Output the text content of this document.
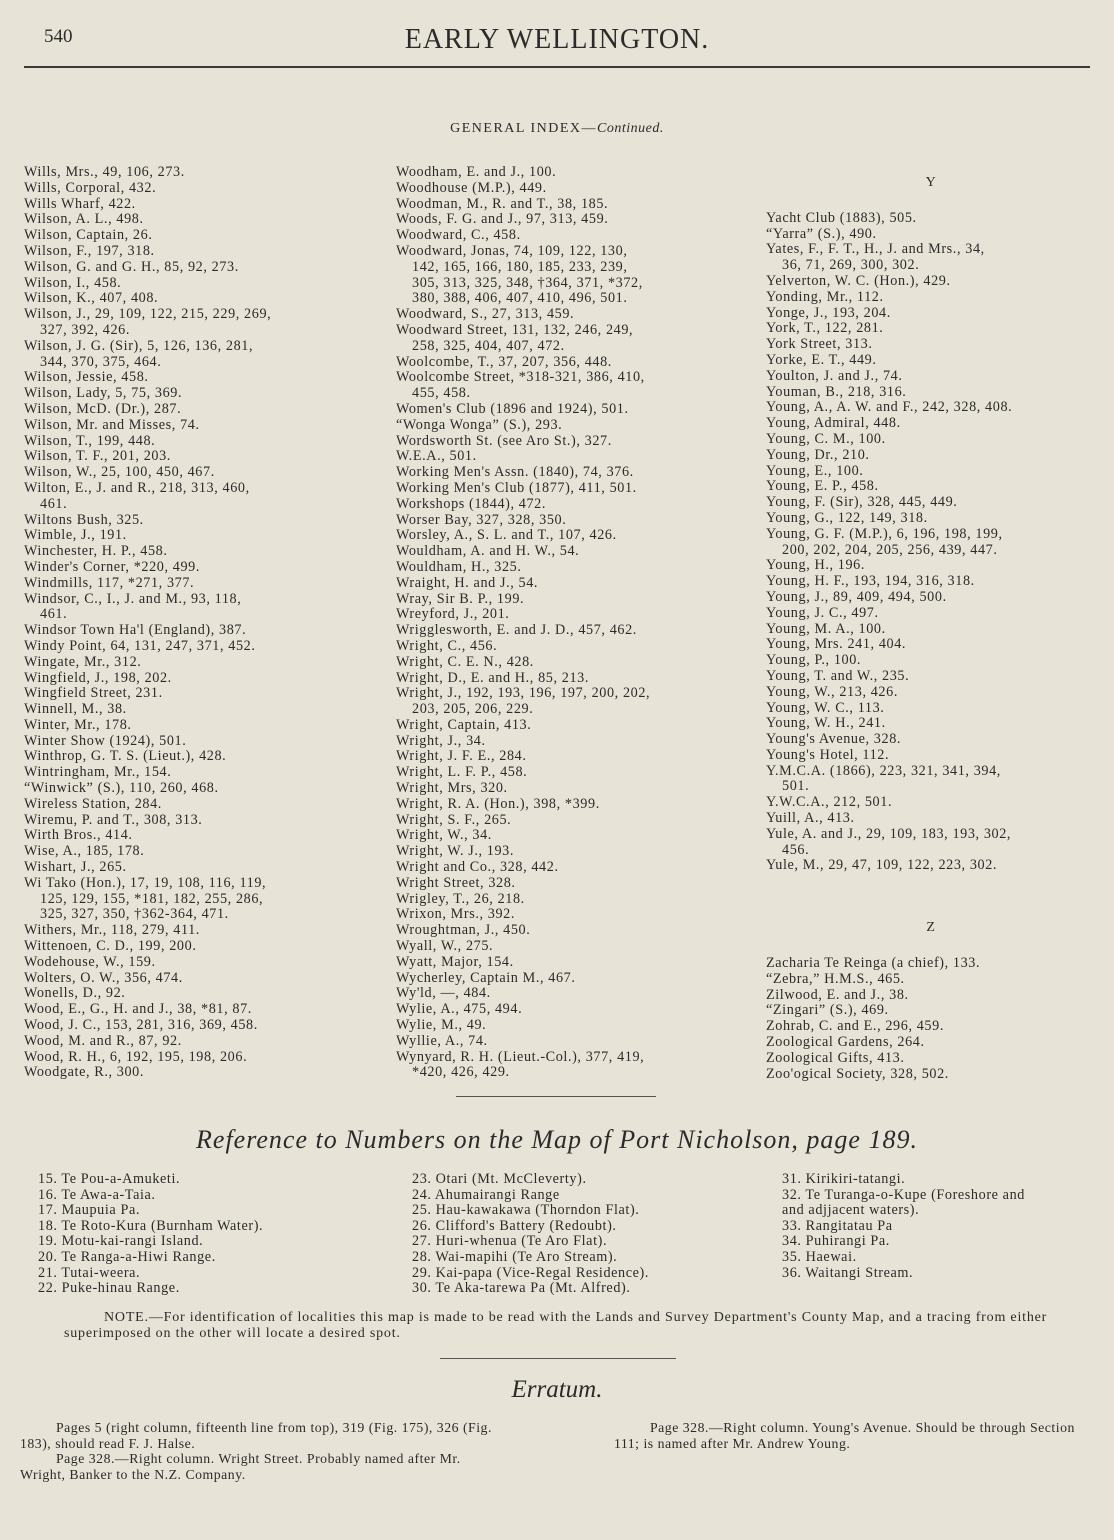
540	EARLY WELLINGTON.
GENERAL INDEX—Continued.
Wills, Mrs., 49, 106, 273.
Wills, Corporal, 432.
Wills Wharf, 422.
Wilson, A. L., 498.
Wilson, Captain, 26.
Wilson, F., 197, 318.
Wilson, G. and G. H., 85, 92, 273.
Wilson, I., 458.
Wilson, K., 407, 408.
Wilson, J., 29, 109, 122, 215, 229, 269,
327, 392, 426.
Wilson, J. G. (Sir), 5, 126, 136, 281,
344, 370, 375, 464.
Wilson, Jessie, 458.
Wilson, Lady, 5, 75, 369.
Wilson, McD. (Dr.), 287.
Wilson, Mr. and Misses, 74.
Wilson, T., 199, 448.
Wilson, T. F., 201, 203.
Wilson, W., 25, 100, 450, 467.
Wilton, E., J. and R., 218, 313, 460,
461.
Wiltons Bush, 325.
Wimble, J., 191.
Winchester, H. P., 458.
Winder's Corner, *220, 499.
Windmills, 117, *271, 377.
Windsor, C., I., J. and M., 93, 118,
461.
Windsor Town Ha'l (England), 387.
Windy Point, 64, 131, 247, 371, 452.
Wingate, Mr., 312.
Wingfield, J., 198, 202.
Wingfield Street, 231.
Winnell, M., 38.
Winter, Mr., 178.
Winter Show (1924), 501.
Winthrop, G. T. S. (Lieut.), 428.
Wintringham, Mr., 154.
“Winwick” (S.), 110, 260, 468.
Wireless Station, 284.
Wiremu, P. and T., 308, 313.
Wirth Bros., 414.
Wise, A., 185, 178.
Wishart, J., 265.
Wi Tako (Hon.), 17, 19, 108, 116, 119,
125, 129, 155, *181, 182, 255, 286,
325, 327, 350, †362-364, 471.
Withers, Mr., 118, 279, 411.
Wittenoen, C. D., 199, 200.
Wodehouse, W., 159.
Wolters, O. W., 356, 474.
Wonells, D., 92.
Wood, E., G., H. and J., 38, *81, 87.
Wood, J. C., 153, 281, 316, 369, 458.
Wood, M. and R., 87, 92.
Wood, R. H., 6, 192, 195, 198, 206.
Woodgate, R., 300.
Woodham, E. and J., 100.
Woodhouse (M.P.), 449.
Woodman, M., R. and T., 38, 185.
Woods, F. G. and J., 97, 313, 459.
Woodward, C., 458.
Woodward, Jonas, 74, 109, 122, 130,
142, 165, 166, 180, 185, 233, 239,
305, 313, 325, 348, †364, 371, *372,
380, 388, 406, 407, 410, 496, 501.
Woodward, S., 27, 313, 459.
Woodward Street, 131, 132, 246, 249,
258, 325, 404, 407, 472.
Woolcombe, T., 37, 207, 356, 448.
Woolcombe Street, *318-321, 386, 410,
455, 458.
Women's Club (1896 and 1924), 501.
“Wonga Wonga” (S.), 293.
Wordsworth St. (see Aro St.), 327.
W.E.A., 501.
Working Men's Assn. (1840), 74, 376.
Working Men's Club (1877), 411, 501.
Workshops (1844), 472.
Worser Bay, 327, 328, 350.
Worsley, A., S. L. and T., 107, 426.
Wouldham, A. and H. W., 54.
Wouldham, H., 325.
Wraight, H. and J., 54.
Wray, Sir B. P., 199.
Wreyford, J., 201.
Wrigglesworth, E. and J. D., 457, 462.
Wright, C., 456.
Wright, C. E. N., 428.
Wright, D., E. and H., 85, 213.
Wright, J., 192, 193, 196, 197, 200, 202,
203, 205, 206, 229.
Wright, Captain, 413.
Wright, J., 34.
Wright, J. F. E., 284.
Wright, L. F. P., 458.
Wright, Mrs, 320.
Wright, R. A. (Hon.), 398, *399.
Wright, S. F., 265.
Wright, W., 34.
Wright, W. J., 193.
Wright and Co., 328, 442.
Wright Street, 328.
Wrigley, T., 26, 218.
Wrixon, Mrs., 392.
Wroughtman, J., 450.
Wyall, W., 275.
Wyatt, Major, 154.
Wycherley, Captain M., 467.
Wy'ld, —, 484.
Wylie, A., 475, 494.
Wylie, M., 49.
Wyllie, A., 74.
Wynyard, R. H. (Lieut.-Col.), 377, 419,
*420, 426, 429.
Y
Yacht Club (1883), 505.
“Yarra” (S.), 490.
Yates, F., F. T., H., J. and Mrs., 34,
36, 71, 269, 300, 302.
Yelverton, W. C. (Hon.), 429.
Yonding, Mr., 112.
Yonge, J., 193, 204.
York, T., 122, 281.
York Street, 313.
Yorke, E. T., 449.
Youlton, J. and J., 74.
Youman, B., 218, 316.
Young, A., A. W. and F., 242, 328, 408.
Young, Admiral, 448.
Young, C. M., 100.
Young, Dr., 210.
Young, E., 100.
Young, E. P., 458.
Young, F. (Sir), 328, 445, 449.
Young, G., 122, 149, 318.
Young, G. F. (M.P.), 6, 196, 198, 199,
200, 202, 204, 205, 256, 439, 447.
Young, H., 196.
Young, H. F., 193, 194, 316, 318.
Young, J., 89, 409, 494, 500.
Young, J. C., 497.
Young, M. A., 100.
Young, Mrs. 241, 404.
Young, P., 100.
Young, T. and W., 235.
Young, W., 213, 426.
Young, W. C., 113.
Young, W. H., 241.
Young's Avenue, 328.
Young's Hotel, 112.
Y.M.C.A. (1866), 223, 321, 341, 394,
501.
Y.W.C.A., 212, 501.
Yuill, A., 413.
Yule, A. and J., 29, 109, 183, 193, 302,
456.
Yule, M., 29, 47, 109, 122, 223, 302.
Z
Zacharia Te Reinga (a chief), 133.
“Zebra,” H.M.S., 465.
Zilwood, E. and J., 38.
“Zingari” (S.), 469.
Zohrab, C. and E., 296, 459.
Zoological Gardens, 264.
Zoological Gifts, 413.
Zoo'ogical Society, 328, 502.
Reference to Numbers on the Map of Port Nicholson, page 189.
15. Te Pou-a-Amuketi.
16. Te Awa-a-Taia.
17. Maupuia Pa.
18. Te Roto-Kura (Burnham Water).
19. Motu-kai-rangi Island.
20. Te Ranga-a-Hiwi Range.
21. Tutai-weera.
22. Puke-hinau Range.
23. Otari (Mt. McCleverty).
24. Ahumairangi Range
25. Hau-kawakawa (Thorndon Flat).
26. Clifford's Battery (Redoubt).
27. Huri-whenua (Te Aro Flat).
28. Wai-mapihi (Te Aro Stream).
29. Kai-papa (Vice-Regal Residence).
30. Te Aka-tarewa Pa (Mt. Alfred).
31. Kirikiri-tatangi.
32. Te Turanga-o-Kupe (Foreshore and
and adjjacent waters).
33. Rangitatau Pa
34. Puhirangi Pa.
35. Haewai.
36. Waitangi Stream.
NOTE.—For identification of localities this map is made to be read with the Lands and Survey Department's County Map, and a tracing from either superimposed on the other will locate a desired spot.
Erratum.
Pages 5 (right column, fifteenth line from top), 319 (Fig. 175), 326 (Fig. 183), should read F. J. Halse.
Page 328.—Right column. Wright Street. Probably named after Mr. Wright, Banker to the N.Z. Company.
Page 328.—Right column. Young's Avenue. Should be through Section 111; is named after Mr. Andrew Young.
